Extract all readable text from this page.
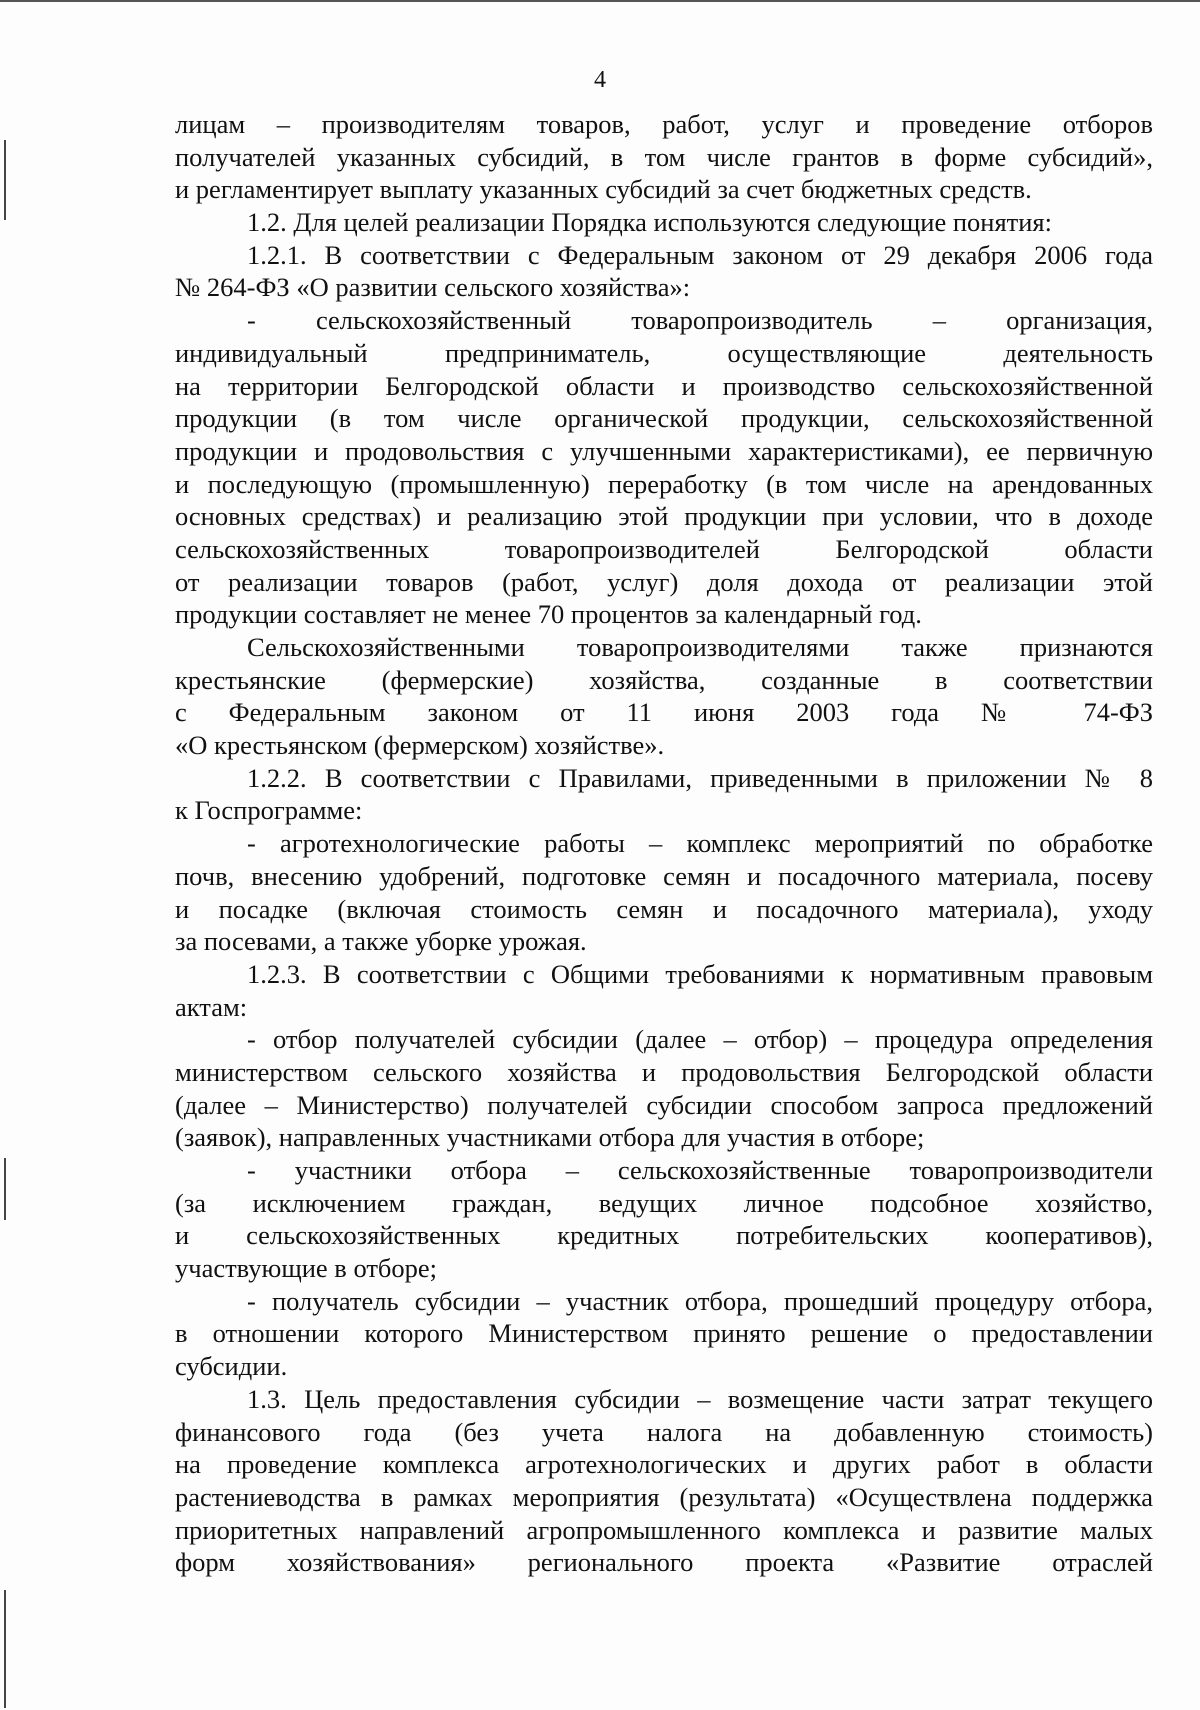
4
лицам – производителям товаров, работ, услуг и проведение отборов
получателей указанных субсидий, в том числе грантов в форме субсидий»,
и регламентирует выплату указанных субсидий за счет бюджетных средств.
1.2. Для целей реализации Порядка используются следующие понятия:
1.2.1. В соответствии с Федеральным законом от 29 декабря 2006 года
№ 264-ФЗ «О развитии сельского хозяйства»:
- сельскохозяйственный товаропроизводитель – организация,
индивидуальный предприниматель, осуществляющие деятельность
на территории Белгородской области и производство сельскохозяйственной
продукции (в том числе органической продукции, сельскохозяйственной
продукции и продовольствия с улучшенными характеристиками), ее первичную
и последующую (промышленную) переработку (в том числе на арендованных
основных средствах) и реализацию этой продукции при условии, что в доходе
сельскохозяйственных товаропроизводителей Белгородской области
от реализации товаров (работ, услуг) доля дохода от реализации этой
продукции составляет не менее 70 процентов за календарный год.
Сельскохозяйственными товаропроизводителями также признаются
крестьянские (фермерские) хозяйства, созданные в соответствии
с Федеральным законом от 11 июня 2003 года № 74-ФЗ
«О крестьянском (фермерском) хозяйстве».
1.2.2. В соответствии с Правилами, приведенными в приложении № 8
к Госпрограмме:
- агротехнологические работы – комплекс мероприятий по обработке
почв, внесению удобрений, подготовке семян и посадочного материала, посеву
и посадке (включая стоимость семян и посадочного материала), уходу
за посевами, а также уборке урожая.
1.2.3. В соответствии с Общими требованиями к нормативным правовым
актам:
- отбор получателей субсидии (далее – отбор) – процедура определения
министерством сельского хозяйства и продовольствия Белгородской области
(далее – Министерство) получателей субсидии способом запроса предложений
(заявок), направленных участниками отбора для участия в отборе;
- участники отбора – сельскохозяйственные товаропроизводители
(за исключением граждан, ведущих личное подсобное хозяйство,
и сельскохозяйственных кредитных потребительских кооперативов),
участвующие в отборе;
- получатель субсидии – участник отбора, прошедший процедуру отбора,
в отношении которого Министерством принято решение о предоставлении
субсидии.
1.3. Цель предоставления субсидии – возмещение части затрат текущего
финансового года (без учета налога на добавленную стоимость)
на проведение комплекса агротехнологических и других работ в области
растениеводства в рамках мероприятия (результата) «Осуществлена поддержка
приоритетных направлений агропромышленного комплекса и развитие малых
форм хозяйствования» регионального проекта «Развитие отраслей
